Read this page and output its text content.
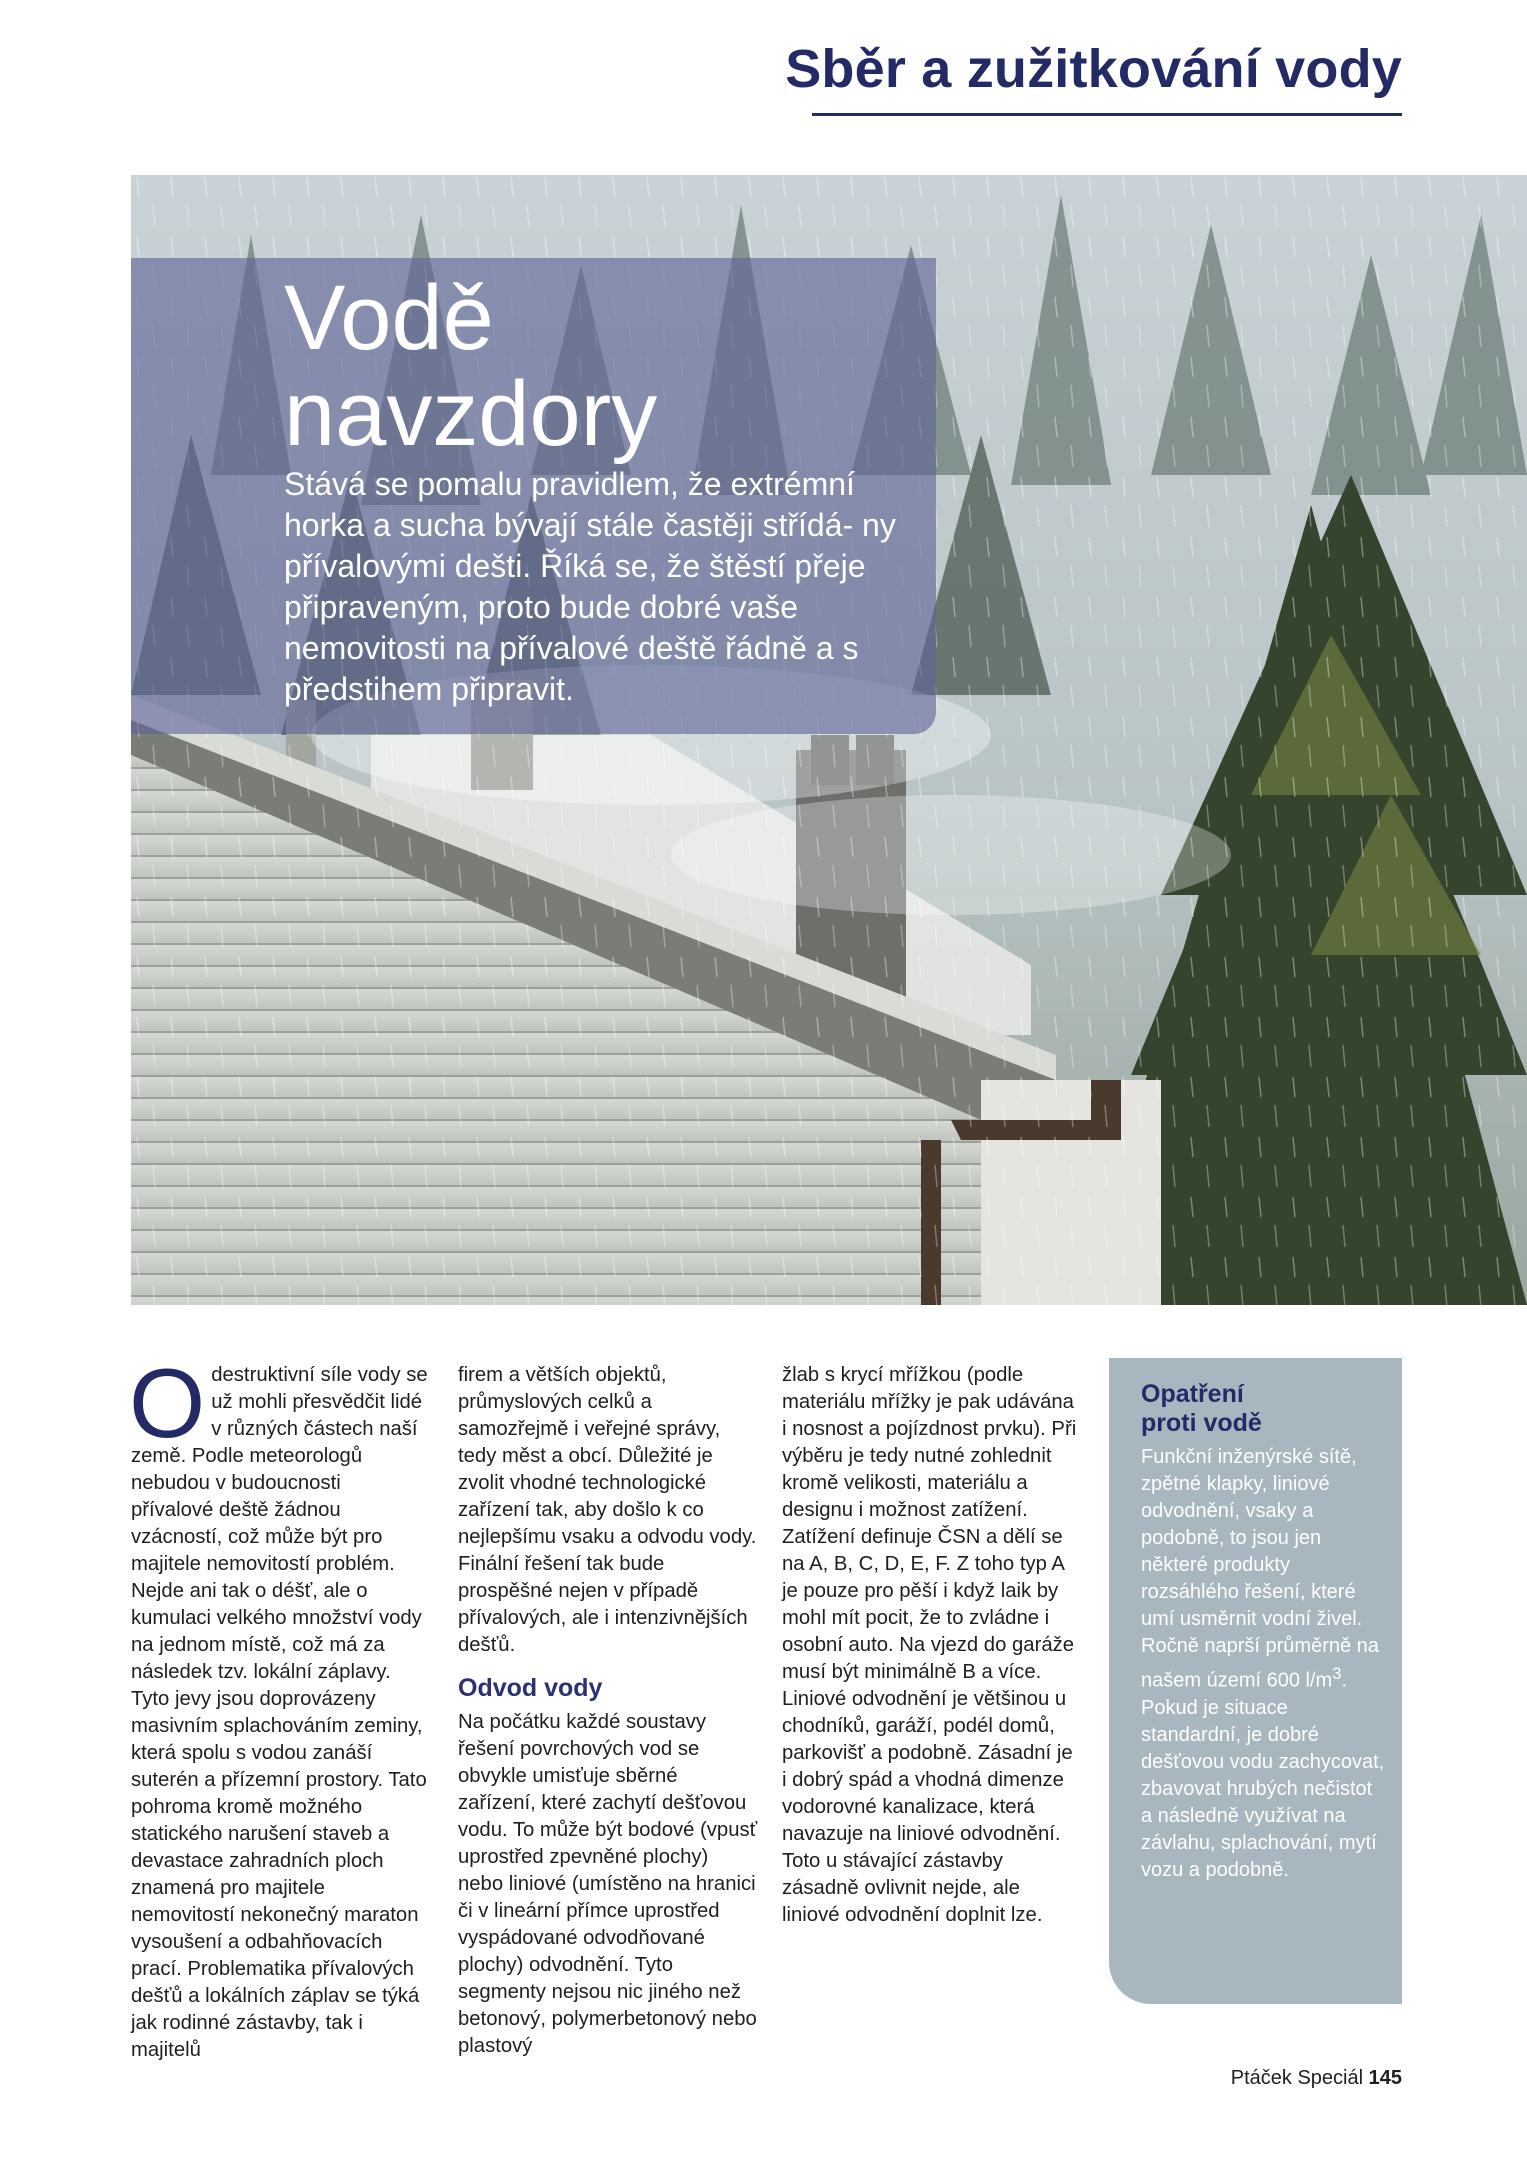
Sběr a zužitkování vody
Vodě
navzdory

Stává se pomalu pravidlem, že extrémní horka a sucha bývají stále častěji střídá- ny přívalovými dešti. Říká se, že štěstí přeje připraveným, proto bude dobré vaše nemovitosti na přívalové deště řádně a s předstihem připravit.

O destruktivní síle vody se už mohli přesvědčit lidé v různých částech naší země. Podle meteorologů nebudou v budoucnosti přívalové deště žádnou vzácností, což může být pro majitele nemovitostí problém. Nejde ani tak o déšť, ale o kumulaci velkého množství vody na jednom místě, což má za následek tzv. lokální záplavy. Tyto jevy jsou doprovázeny masivním splachováním zeminy, která spolu s vodou zanáší suterén a přízemní prostory. Tato pohroma kromě možného statického narušení staveb a devastace zahradních ploch znamená pro majitele nemovitostí nekonečný maraton vysoušení a odbahňovacích prací. Problematika přívalových dešťů a lokálních záplav se týká jak rodinné zástavby, tak i majitelů

firem a větších objektů, průmyslových celků a samozřejmě i veřejné správy, tedy měst a obcí. Důležité je zvolit vhodné technologické zařízení tak, aby došlo k co nejlepšímu vsaku a odvodu vody. Finální řešení tak bude prospěšné nejen v případě přívalových, ale i intenzivnějších dešťů.

Odvod vody

Na počátku každé soustavy řešení povrchových vod se obvykle umisťuje sběrné zařízení, které zachytí dešťovou vodu. To může být bodové (vpusť uprostřed zpevněné plochy) nebo liniové (umístěno na hranici či v lineární přímce uprostřed vyspádované odvodňované plochy) odvodnění. Tyto segmenty nejsou nic jiného než betonový, polymerbetonový nebo plastový

žlab s krycí mřížkou (podle materiálu mřížky je pak udávána i nosnost a pojízdnost prvku). Při výběru je tedy nutné zohlednit kromě velikosti, materiálu a designu i možnost zatížení. Zatížení definuje ČSN a dělí se na A, B, C, D, E, F. Z toho typ A je pouze pro pěší i když laik by mohl mít pocit, že to zvládne i osobní auto. Na vjezd do garáže musí být minimálně B a více. Liniové odvodnění je většinou u chodníků, garáží, podél domů, parkovišť a podobně. Zásadní je i dobrý spád a vhodná dimenze vodorovné kanalizace, která navazuje na liniové odvodnění. Toto u stávající zástavby zásadně ovlivnit nejde, ale liniové odvodnění doplnit lze.

Opatření
proti vodě

Funkční inženýrské sítě, zpětné klapky, liniové odvodnění, vsaky a podobně, to jsou jen některé produkty rozsáhlého řešení, které umí usměrnit vodní živel. Ročně naprší průměrně na našem území 600 $l/m^3$. Pokud je situace standardní, je dobré dešťovou vodu zachycovat, zbavovat hrubých nečistot a následně využívat na závlahu, splachování, mytí vozu a podobně.

Ptáček Speciál 145
